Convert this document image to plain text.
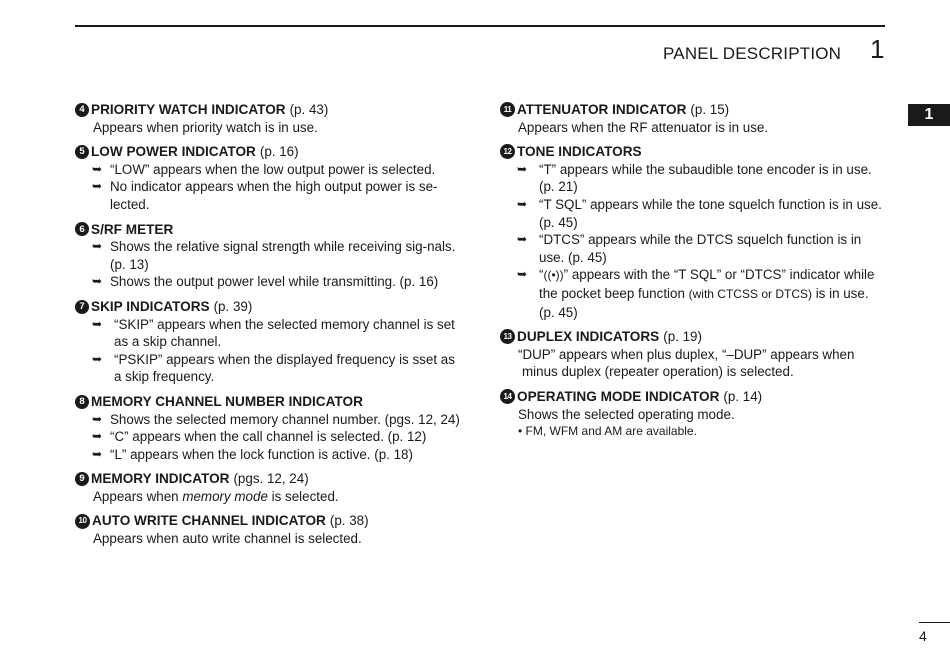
PANEL DESCRIPTION 1
1
4 PRIORITY WATCH INDICATOR (p. 43)
Appears when priority watch is in use.
5 LOW POWER INDICATOR (p. 16)
➥
“LOW” appears when the low output power is selected.
➥
No indicator appears when the high output power is se-lected.
6 S/RF METER
➥
Shows the relative signal strength while receiving sig-nals. (p. 13)
➥
Shows the output power level while transmitting. (p. 16)
7 SKIP INDICATORS (p. 39)
➥
“SKIP” appears when the selected memory channel is set as a skip channel.
➥
“PSKIP” appears when the displayed frequency is sset as a skip frequency.
8 MEMORY CHANNEL NUMBER INDICATOR
➥
Shows the selected memory channel number. (pgs. 12, 24)
➥
“C” appears when the call channel is selected. (p. 12)
➥
“L” appears when the lock function is active. (p. 18)
9 MEMORY INDICATOR (pgs. 12, 24)
Appears when memory mode is selected.
10 AUTO WRITE CHANNEL INDICATOR (p. 38)
Appears when auto write channel is selected.
11 ATTENUATOR INDICATOR (p. 15)
Appears when the RF attenuator is in use.
12 TONE INDICATORS
➥
“T” appears while the subaudible tone encoder is in use. (p. 21)
➥
“T SQL” appears while the tone squelch function is in use. (p. 45)
➥
“DTCS” appears while the DTCS squelch function is in use. (p. 45)
➥
“((•))” appears with the “T SQL” or “DTCS” indicator while the pocket beep function (with CTCSS or DTCS) is in use. (p. 45)
13 DUPLEX INDICATORS (p. 19)
“DUP” appears when plus duplex, “–DUP” appears when minus duplex (repeater operation) is selected.
14 OPERATING MODE INDICATOR (p. 14)
Shows the selected operating mode.
• FM, WFM and AM are available.
4
